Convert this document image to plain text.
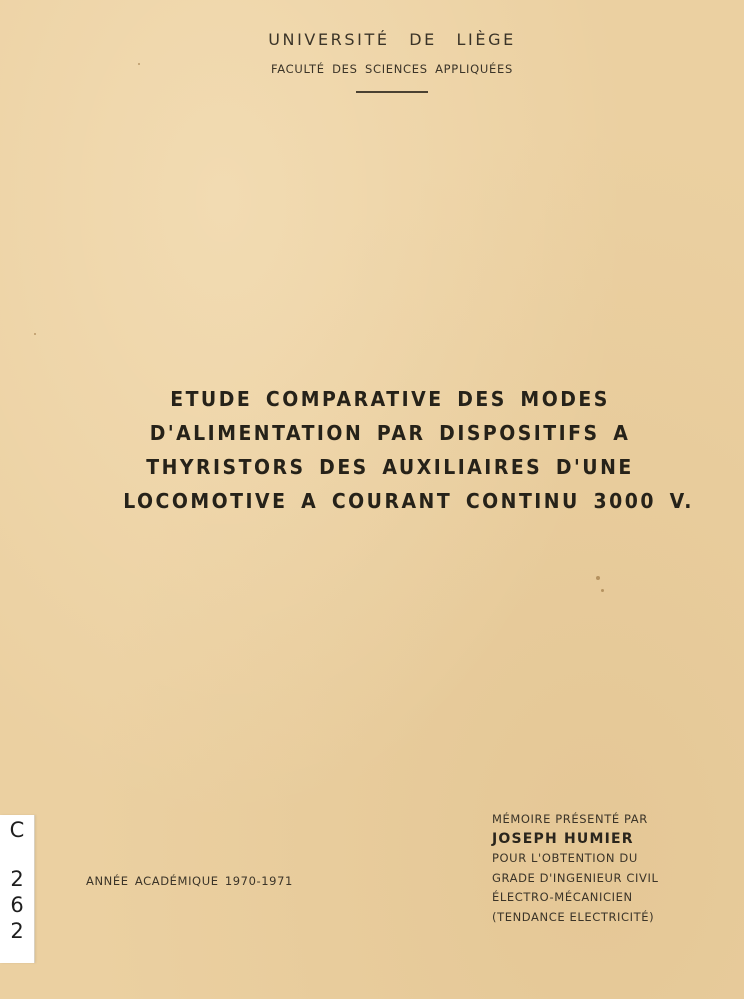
UNIVERSITÉ DE LIÈGE
FACULTÉ DES SCIENCES APPLIQUÉES
ETUDE COMPARATIVE DES MODES
D'ALIMENTATION PAR DISPOSITIFS A
THYRISTORS DES AUXILIAIRES D'UNE
LOCOMOTIVE A COURANT CONTINU 3000 V.
ANNÉE ACADÉMIQUE 1970-1971
MÉMOIRE PRÉSENTÉ PAR
JOSEPH HUMIER
POUR L'OBTENTION DU
GRADE D'INGENIEUR CIVIL
ÉLECTRO-MÉCANICIEN
(TENDANCE ELECTRICITÉ)
C
2
6
2
